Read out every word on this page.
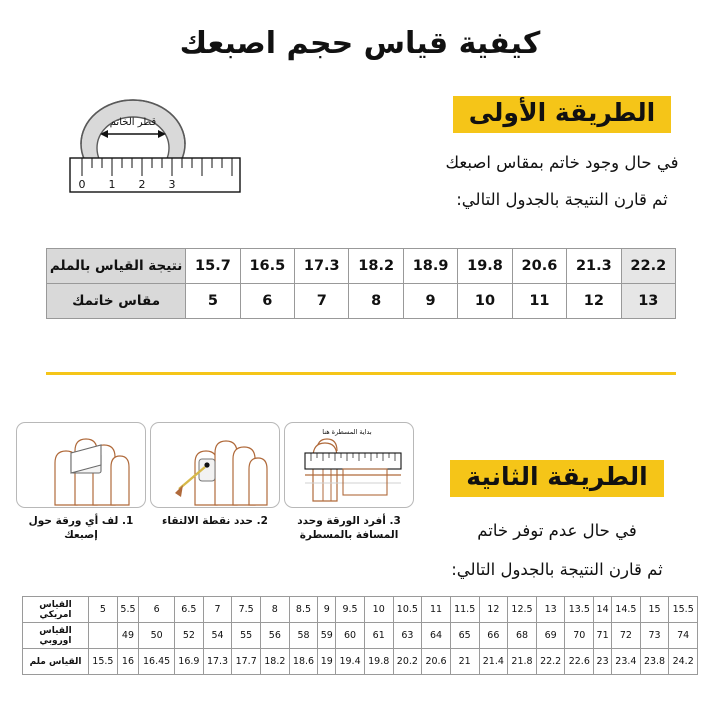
كيفية قياس حجم اصبعك
قطر الخاتم
0 1 2 3
الطريقة الأولى
في حال وجود خاتم بمقاس اصبعك
ثم قارن النتيجة بالجدول التالي:
22.2	21.3	20.6	19.8	18.9	18.2	17.3	16.5	15.7	نتيجة القياس بالملم
13	12	11	10	9	8	7	6	5	مقاس خاتمك
الطريقة الثانية
في حال عدم توفر خاتم
ثم قارن النتيجة بالجدول التالي:
بداية المسطرة هنا
3. أفرد الورقة وحدد المسافة بالمسطرة
2. حدد نقطة الالتقاء
1. لف أي ورقة حول إصبعك
15.5	15	14.5	14	13.5	13	12.5	12	11.5	11	10.5	10	9.5	9	8.5	8	7.5	7	6.5	6	5.5	5	القياس امريكي
74	73	72	71	70	69	68	66	65	64	63	61	60	59	58	56	55	54	52	50	49		القياس اوروبي
24.2	23.8	23.4	23	22.6	22.2	21.8	21.4	21	20.6	20.2	19.8	19.4	19	18.6	18.2	17.7	17.3	16.9	16.45	16	15.5	القياس ملم
